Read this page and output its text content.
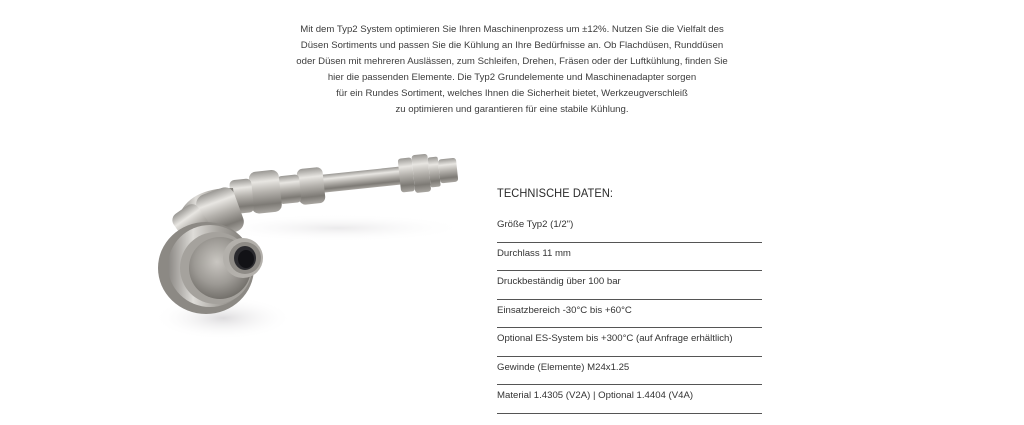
Mit dem Typ2 System optimieren Sie Ihren Maschinenprozess um ±12%. Nutzen Sie die Vielfalt des

Düsen Sortiments und passen Sie die Kühlung an Ihre Bedürfnisse an. Ob Flachdüsen, Runddüsen

oder Düsen mit mehreren Auslässen, zum Schleifen, Drehen, Fräsen oder der Luftkühlung, finden Sie

hier die passenden Elemente. Die Typ2 Grundelemente und Maschinenadapter sorgen

für ein Rundes Sortiment, welches Ihnen die Sicherheit bietet, Werkzeugverschleiß

zu optimieren und garantieren für eine stabile Kühlung.

TECHNISCHE DATEN:
Größe Typ2 (1/2")
Durchlass 11 mm
Druckbeständig über 100 bar
Einsatzbereich -30°C bis +60°C
Optional ES-System bis +300°C (auf Anfrage erhältlich)
Gewinde (Elemente) M24x1.25
Material 1.4305 (V2A) | Optional 1.4404 (V4A)
